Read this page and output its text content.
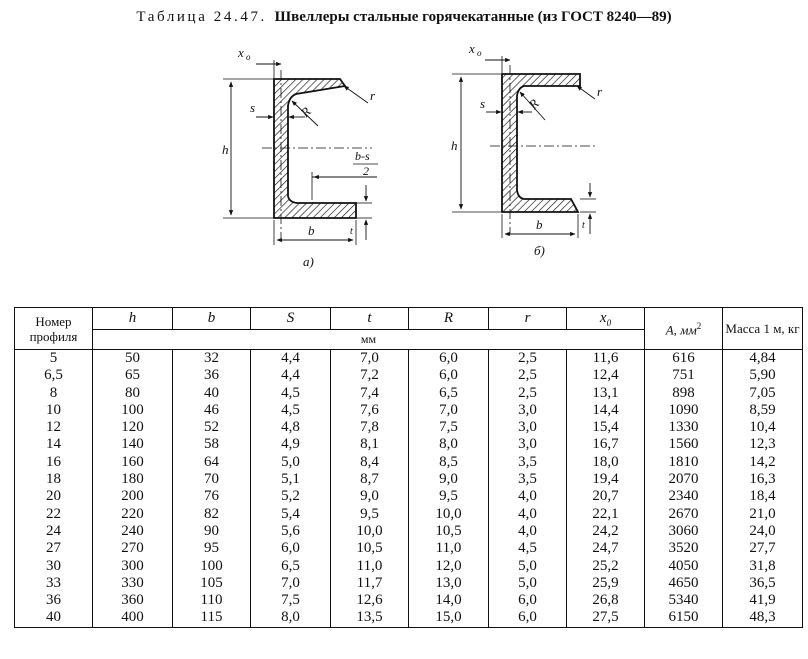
Таблица 24.47. Швеллеры стальные горячекатанные (из ГОСТ 8240—89)
x o
h
s	R
r
b-s
2
b	t
а)
x o
h
s	R
r
b	t
б)
Номер профиля	h	b	S	t	R	r	$x_0$	A, $мм^2$	Масса 1 м, кг
	мм								
5	50	32	4,4	7,0	6,0	2,5	11,6	616	4,84
6,5	65	36	4,4	7,2	6,0	2,5	12,4	751	5,90
8	80	40	4,5	7,4	6,5	2,5	13,1	898	7,05
10	100	46	4,5	7,6	7,0	3,0	14,4	1090	8,59
12	120	52	4,8	7,8	7,5	3,0	15,4	1330	10,4
14	140	58	4,9	8,1	8,0	3,0	16,7	1560	12,3
16	160	64	5,0	8,4	8,5	3,5	18,0	1810	14,2
18	180	70	5,1	8,7	9,0	3,5	19,4	2070	16,3
20	200	76	5,2	9,0	9,5	4,0	20,7	2340	18,4
22	220	82	5,4	9,5	10,0	4,0	22,1	2670	21,0
24	240	90	5,6	10,0	10,5	4,0	24,2	3060	24,0
27	270	95	6,0	10,5	11,0	4,5	24,7	3520	27,7
30	300	100	6,5	11,0	12,0	5,0	25,2	4050	31,8
33	330	105	7,0	11,7	13,0	5,0	25,9	4650	36,5
36	360	110	7,5	12,6	14,0	6,0	26,8	5340	41,9
40	400	115	8,0	13,5	15,0	6,0	27,5	6150	48,3
